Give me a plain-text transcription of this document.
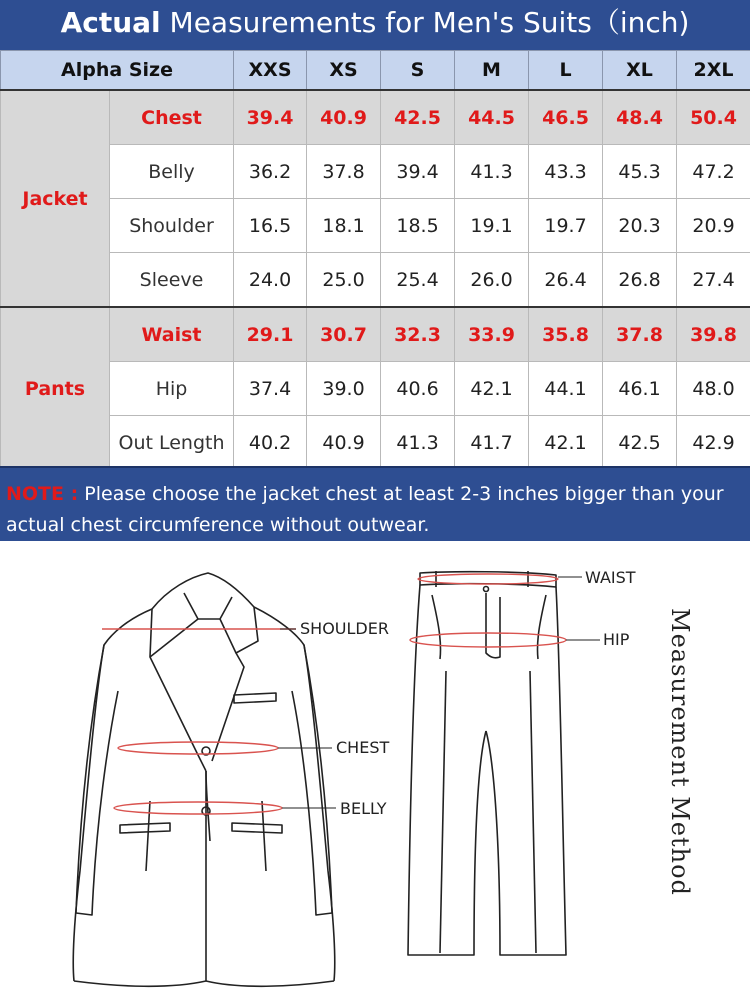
Actual Measurements for Men's Suits（inch)
Alpha Size		XXS	XS	S	M	L	XL	2XL
Jacket	Chest	39.4	40.9	42.5	44.5	46.5	48.4	50.4
	Belly	36.2	37.8	39.4	41.3	43.3	45.3	47.2
	Shoulder	16.5	18.1	18.5	19.1	19.7	20.3	20.9
	Sleeve	24.0	25.0	25.4	26.0	26.4	26.8	27.4
Pants	Waist	29.1	30.7	32.3	33.9	35.8	37.8	39.8
	Hip	37.4	39.0	40.6	42.1	44.1	46.1	48.0
	Out Length	40.2	40.9	41.3	41.7	42.1	42.5	42.9
NOTE : Please choose the jacket chest at least 2-3 inches bigger than your actual chest circumference without outwear.
SHOULDER
CHEST
BELLY
WAIST
HIP Measurement Method
